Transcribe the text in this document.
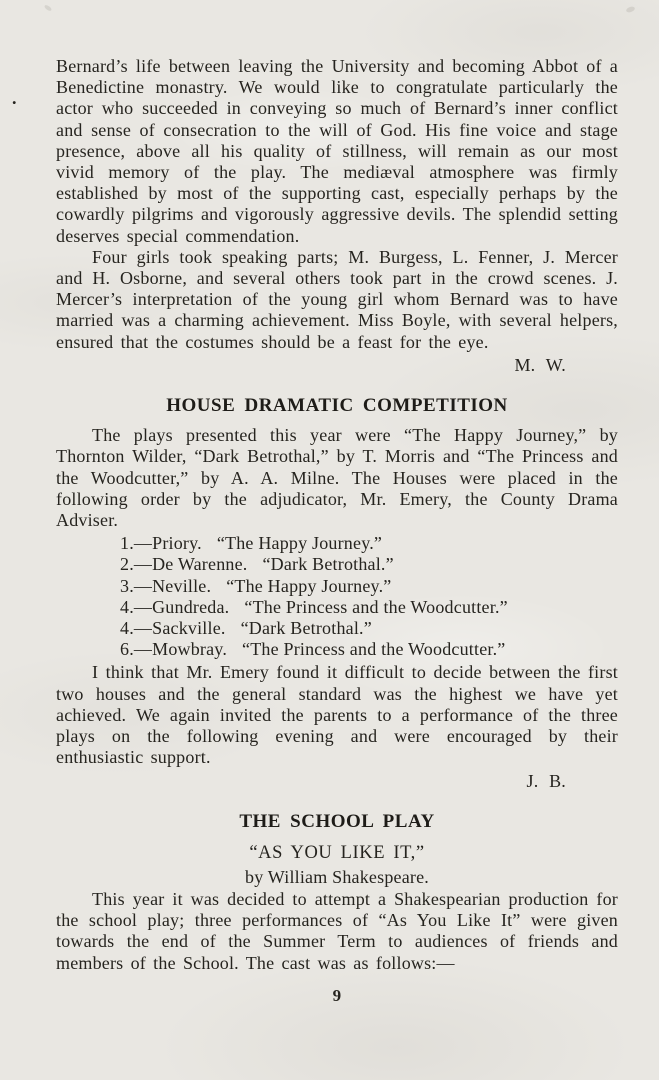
.

Bernard’s life between leaving the University and becoming Abbot of a Benedictine monastry. We would like to congratulate particularly the actor who succeeded in conveying so much of Bernard’s inner conflict and sense of consecration to the will of God. His fine voice and stage presence, above all his quality of stillness, will remain as our most vivid memory of the play. The mediæval atmosphere was firmly established by most of the supporting cast, especially perhaps by the cowardly pilgrims and vigorously aggressive devils. The splendid setting deserves special commendation.

Four girls took speaking parts; M. Burgess, L. Fenner, J. Mercer and H. Osborne, and several others took part in the crowd scenes. J. Mercer’s interpretation of the young girl whom Bernard was to have married was a charming achievement. Miss Boyle, with several helpers, ensured that the costumes should be a feast for the eye.

M. W.
HOUSE DRAMATIC COMPETITION

The plays presented this year were “The Happy Journey,” by Thornton Wilder, “Dark Betrothal,” by T. Morris and “The Princess and the Woodcutter,” by A. A. Milne. The Houses were placed in the following order by the adjudicator, Mr. Emery, the County Drama Adviser.

1.—Priory. “The Happy Journey.”
2.—De Warenne. “Dark Betrothal.”
3.—Neville. “The Happy Journey.”
4.—Gundreda. “The Princess and the Woodcutter.”
4.—Sackville. “Dark Betrothal.”
6.—Mowbray. “The Princess and the Woodcutter.”

I think that Mr. Emery found it difficult to decide between the first two houses and the general standard was the highest we have yet achieved. We again invited the parents to a performance of the three plays on the following evening and were encouraged by their enthusiastic support.

J. B.
THE SCHOOL PLAY
“AS YOU LIKE IT,”
by William Shakespeare.

This year it was decided to attempt a Shakespearian production for the school play; three performances of “As You Like It” were given towards the end of the Summer Term to audiences of friends and members of the School. The cast was as follows:—

9
